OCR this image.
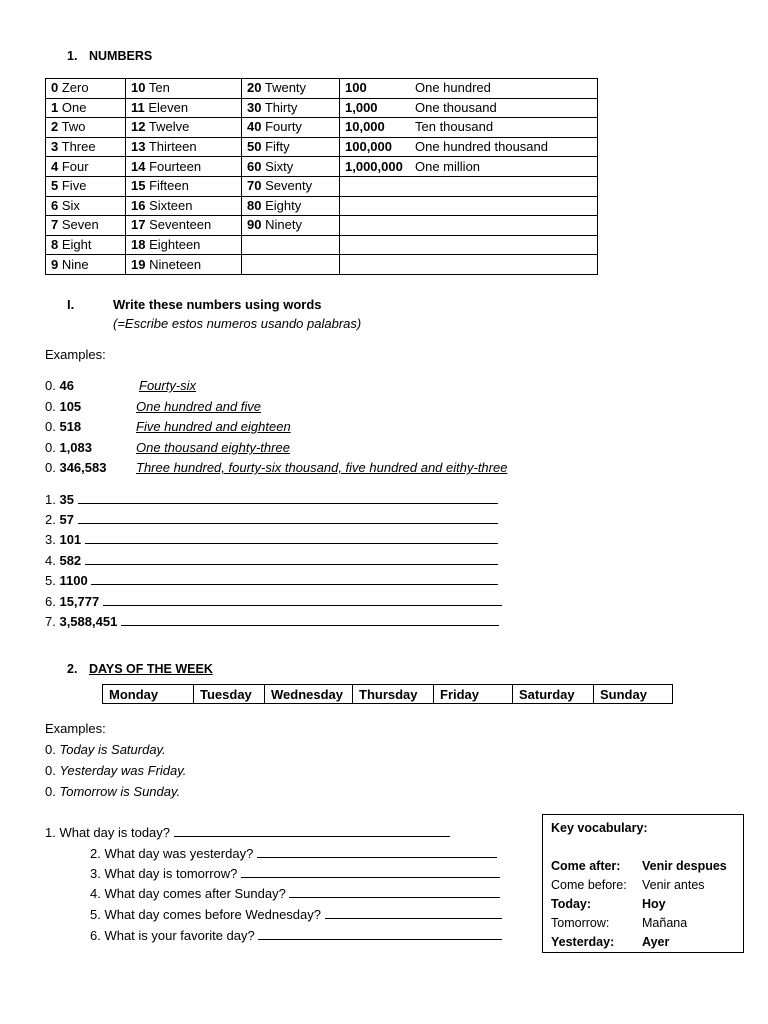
1. NUMBERS
0 Zero	10 Ten	20 Twenty	100 One hundred
1 One	11 Eleven	30 Thirty	1,000 One thousand
2 Two	12 Twelve	40 Fourty	10,000 Ten thousand
3 Three	13 Thirteen	50 Fifty	100,000 One hundred thousand
4 Four	14 Fourteen	60 Sixty	1,000,000 One million
5 Five	15 Fifteen	70 Seventy	
6 Six	16 Sixteen	80 Eighty	
7 Seven	17 Seventeen	90 Ninety	
8 Eight	18 Eighteen		
9 Nine	19 Nineteen		
I.	Write these numbers using words
(=Escribe estos numeros usando palabras)
Examples:
0. 46	Fourty-six
0. 105	One hundred and five
0. 518	Five hundred and eighteen
0. 1,083	One thousand eighty-three
0. 346,583 Three hundred, fourty-six thousand, five hundred and eithy-three
1. 35
2. 57
3. 101
4. 582
5. 1100
6. 15,777
7. 3,588,451
2. DAYS OF THE WEEK
Monday	Tuesday	Wednesday	Thursday	Friday	Saturday	Sunday
Examples:
0. Today is Saturday.
0. Yesterday was Friday.
0. Tomorrow is Sunday.
1. What day is today?
2. What day was yesterday?
3. What day is tomorrow?
4. What day comes after Sunday?
5. What day comes before Wednesday?
6. What is your favorite day?
Key vocabulary:
Come after: Venir despues
Come before: Venir antes
Today:	Hoy
Tomorrow:	Mañana
Yesterday: Ayer
